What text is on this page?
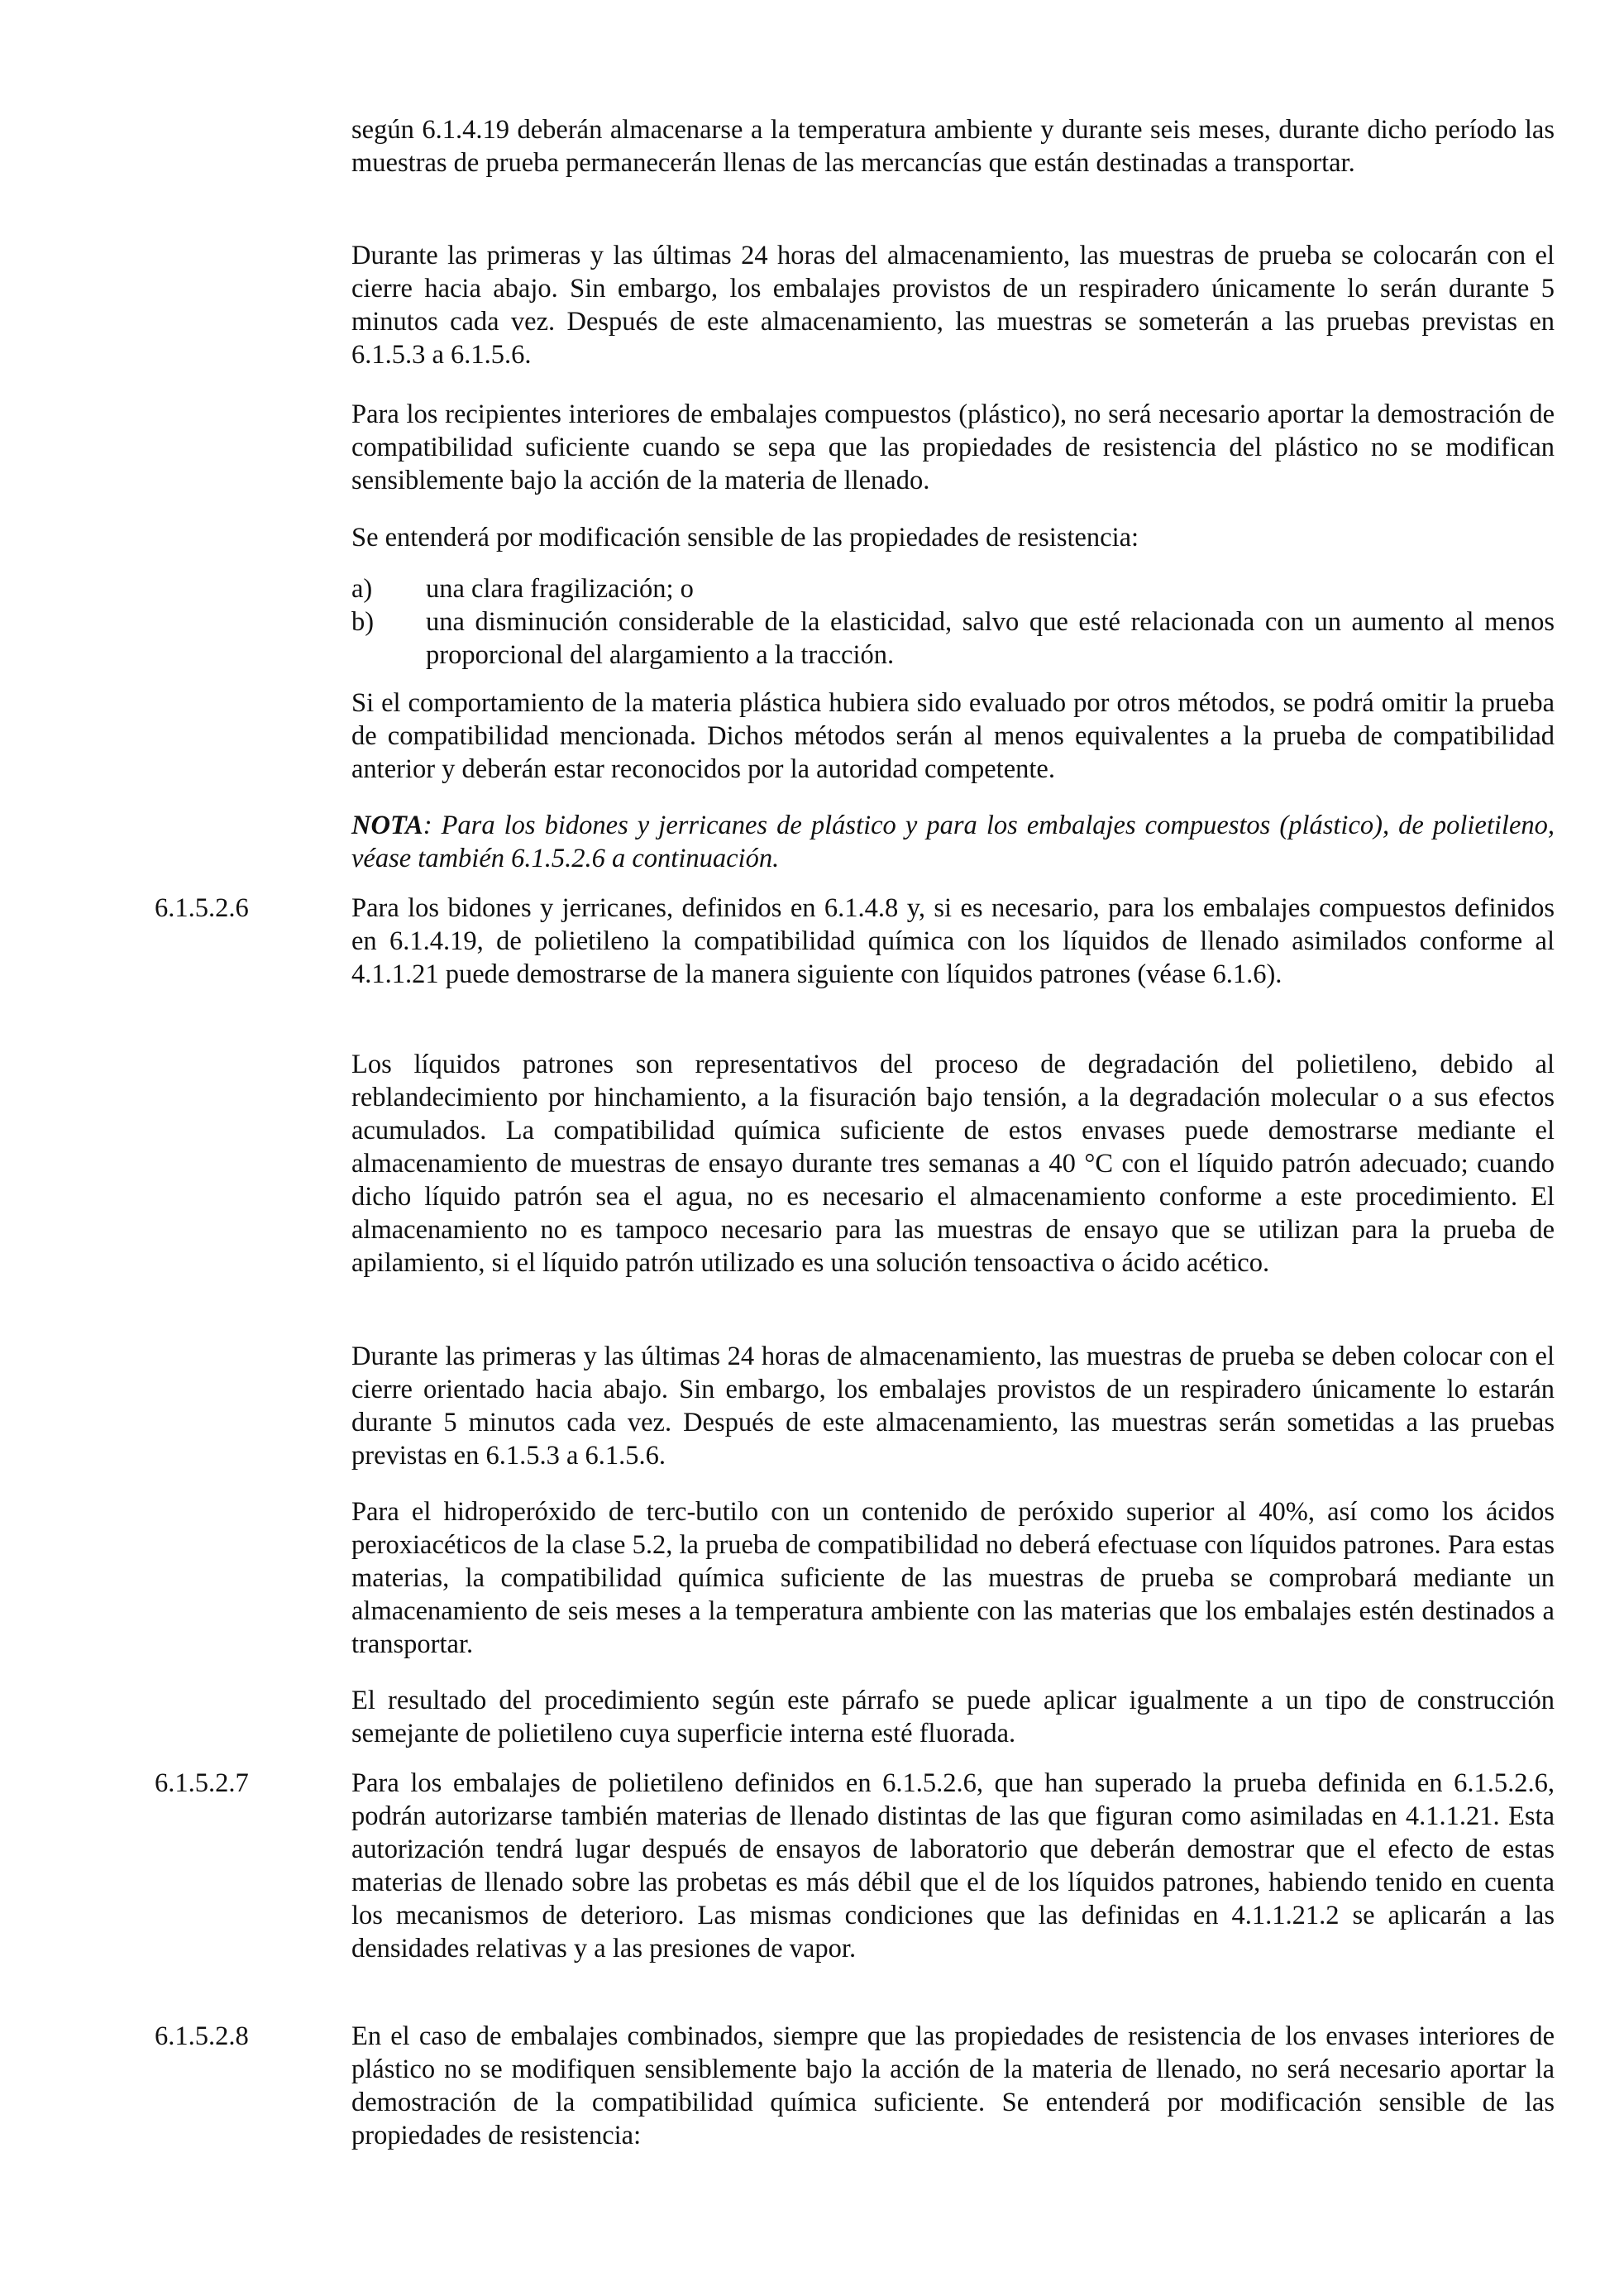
según 6.1.4.19 deberán almacenarse a la temperatura ambiente y durante seis meses, durante dicho período las muestras de prueba permanecerán llenas de las mercancías que están destinadas a transportar.

Durante las primeras y las últimas 24 horas del almacenamiento, las muestras de prueba se colocarán con el cierre hacia abajo. Sin embargo, los embalajes provistos de un respiradero únicamente lo serán durante 5 minutos cada vez. Después de este almacenamiento, las muestras se someterán a las pruebas previstas en 6.1.5.3 a 6.1.5.6.

Para los recipientes interiores de embalajes compuestos (plástico), no será necesario aportar la demostración de compatibilidad suficiente cuando se sepa que las propiedades de resistencia del plástico no se modifican sensiblemente bajo la acción de la materia de llenado.

Se entenderá por modificación sensible de las propiedades de resistencia:

a) una clara fragilización; o

b) una disminución considerable de la elasticidad, salvo que esté relacionada con un aumento al menos proporcional del alargamiento a la tracción.

Si el comportamiento de la materia plástica hubiera sido evaluado por otros métodos, se podrá omitir la prueba de compatibilidad mencionada. Dichos métodos serán al menos equivalentes a la prueba de compatibilidad anterior y deberán estar reconocidos por la autoridad competente.

NOTA: Para los bidones y jerricanes de plástico y para los embalajes compuestos (plástico), de polietileno, véase también 6.1.5.2.6 a continuación.

6.1.5.2.6	Para los bidones y jerricanes, definidos en 6.1.4.8 y, si es necesario, para los embalajes compuestos definidos en 6.1.4.19, de polietileno la compatibilidad química con los líquidos de llenado asimilados conforme al 4.1.1.21 puede demostrarse de la manera siguiente con líquidos patrones (véase 6.1.6).

Los líquidos patrones son representativos del proceso de degradación del polietileno, debido al reblandecimiento por hinchamiento, a la fisuración bajo tensión, a la degradación molecular o a sus efectos acumulados. La compatibilidad química suficiente de estos envases puede demostrarse mediante el almacenamiento de muestras de ensayo durante tres semanas a 40 °C con el líquido patrón adecuado; cuando dicho líquido patrón sea el agua, no es necesario el almacenamiento conforme a este procedimiento. El almacenamiento no es tampoco necesario para las muestras de ensayo que se utilizan para la prueba de apilamiento, si el líquido patrón utilizado es una solución tensoactiva o ácido acético.

Durante las primeras y las últimas 24 horas de almacenamiento, las muestras de prueba se deben colocar con el cierre orientado hacia abajo. Sin embargo, los embalajes provistos de un respiradero únicamente lo estarán durante 5 minutos cada vez. Después de este almacenamiento, las muestras serán sometidas a las pruebas previstas en 6.1.5.3 a 6.1.5.6.

Para el hidroperóxido de terc-butilo con un contenido de peróxido superior al 40%, así como los ácidos peroxiacéticos de la clase 5.2, la prueba de compatibilidad no deberá efectuase con líquidos patrones. Para estas materias, la compatibilidad química suficiente de las muestras de prueba se comprobará mediante un almacenamiento de seis meses a la temperatura ambiente con las materias que los embalajes estén destinados a transportar.

El resultado del procedimiento según este párrafo se puede aplicar igualmente a un tipo de construcción semejante de polietileno cuya superficie interna esté fluorada.

6.1.5.2.7	Para los embalajes de polietileno definidos en 6.1.5.2.6, que han superado la prueba definida en 6.1.5.2.6, podrán autorizarse también materias de llenado distintas de las que figuran como asimiladas en 4.1.1.21. Esta autorización tendrá lugar después de ensayos de laboratorio que deberán demostrar que el efecto de estas materias de llenado sobre las probetas es más débil que el de los líquidos patrones, habiendo tenido en cuenta los mecanismos de deterioro. Las mismas condiciones que las definidas en 4.1.1.21.2 se aplicarán a las densidades relativas y a las presiones de vapor.

6.1.5.2.8	En el caso de embalajes combinados, siempre que las propiedades de resistencia de los envases interiores de plástico no se modifiquen sensiblemente bajo la acción de la materia de llenado, no será necesario aportar la demostración de la compatibilidad química suficiente. Se entenderá por modificación sensible de las propiedades de resistencia:
